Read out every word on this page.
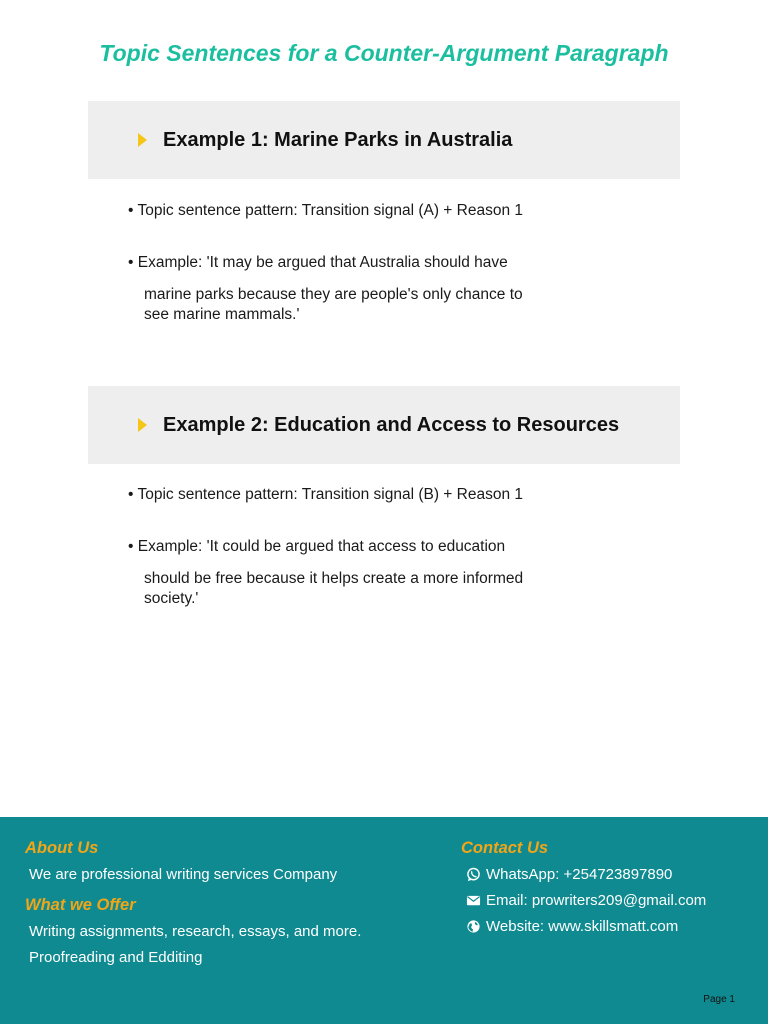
Topic Sentences for a Counter-Argument Paragraph
Example 1: Marine Parks in Australia
• Topic sentence pattern: Transition signal (A) + Reason 1
• Example: 'It may be argued that Australia should have
marine parks because they are people's only chance to
see marine mammals.'
Example 2: Education and Access to Resources
• Topic sentence pattern: Transition signal (B) + Reason 1
• Example: 'It could be argued that access to education
should be free because it helps create a more informed
society.'
About Us
We are professional writing services Company
What we Offer
Writing assignments, research, essays, and more.
Proofreading and Edditing
Contact Us
WhatsApp: +254723897890
Email: prowriters209@gmail.com
Website: www.skillsmatt.com
Page 1
